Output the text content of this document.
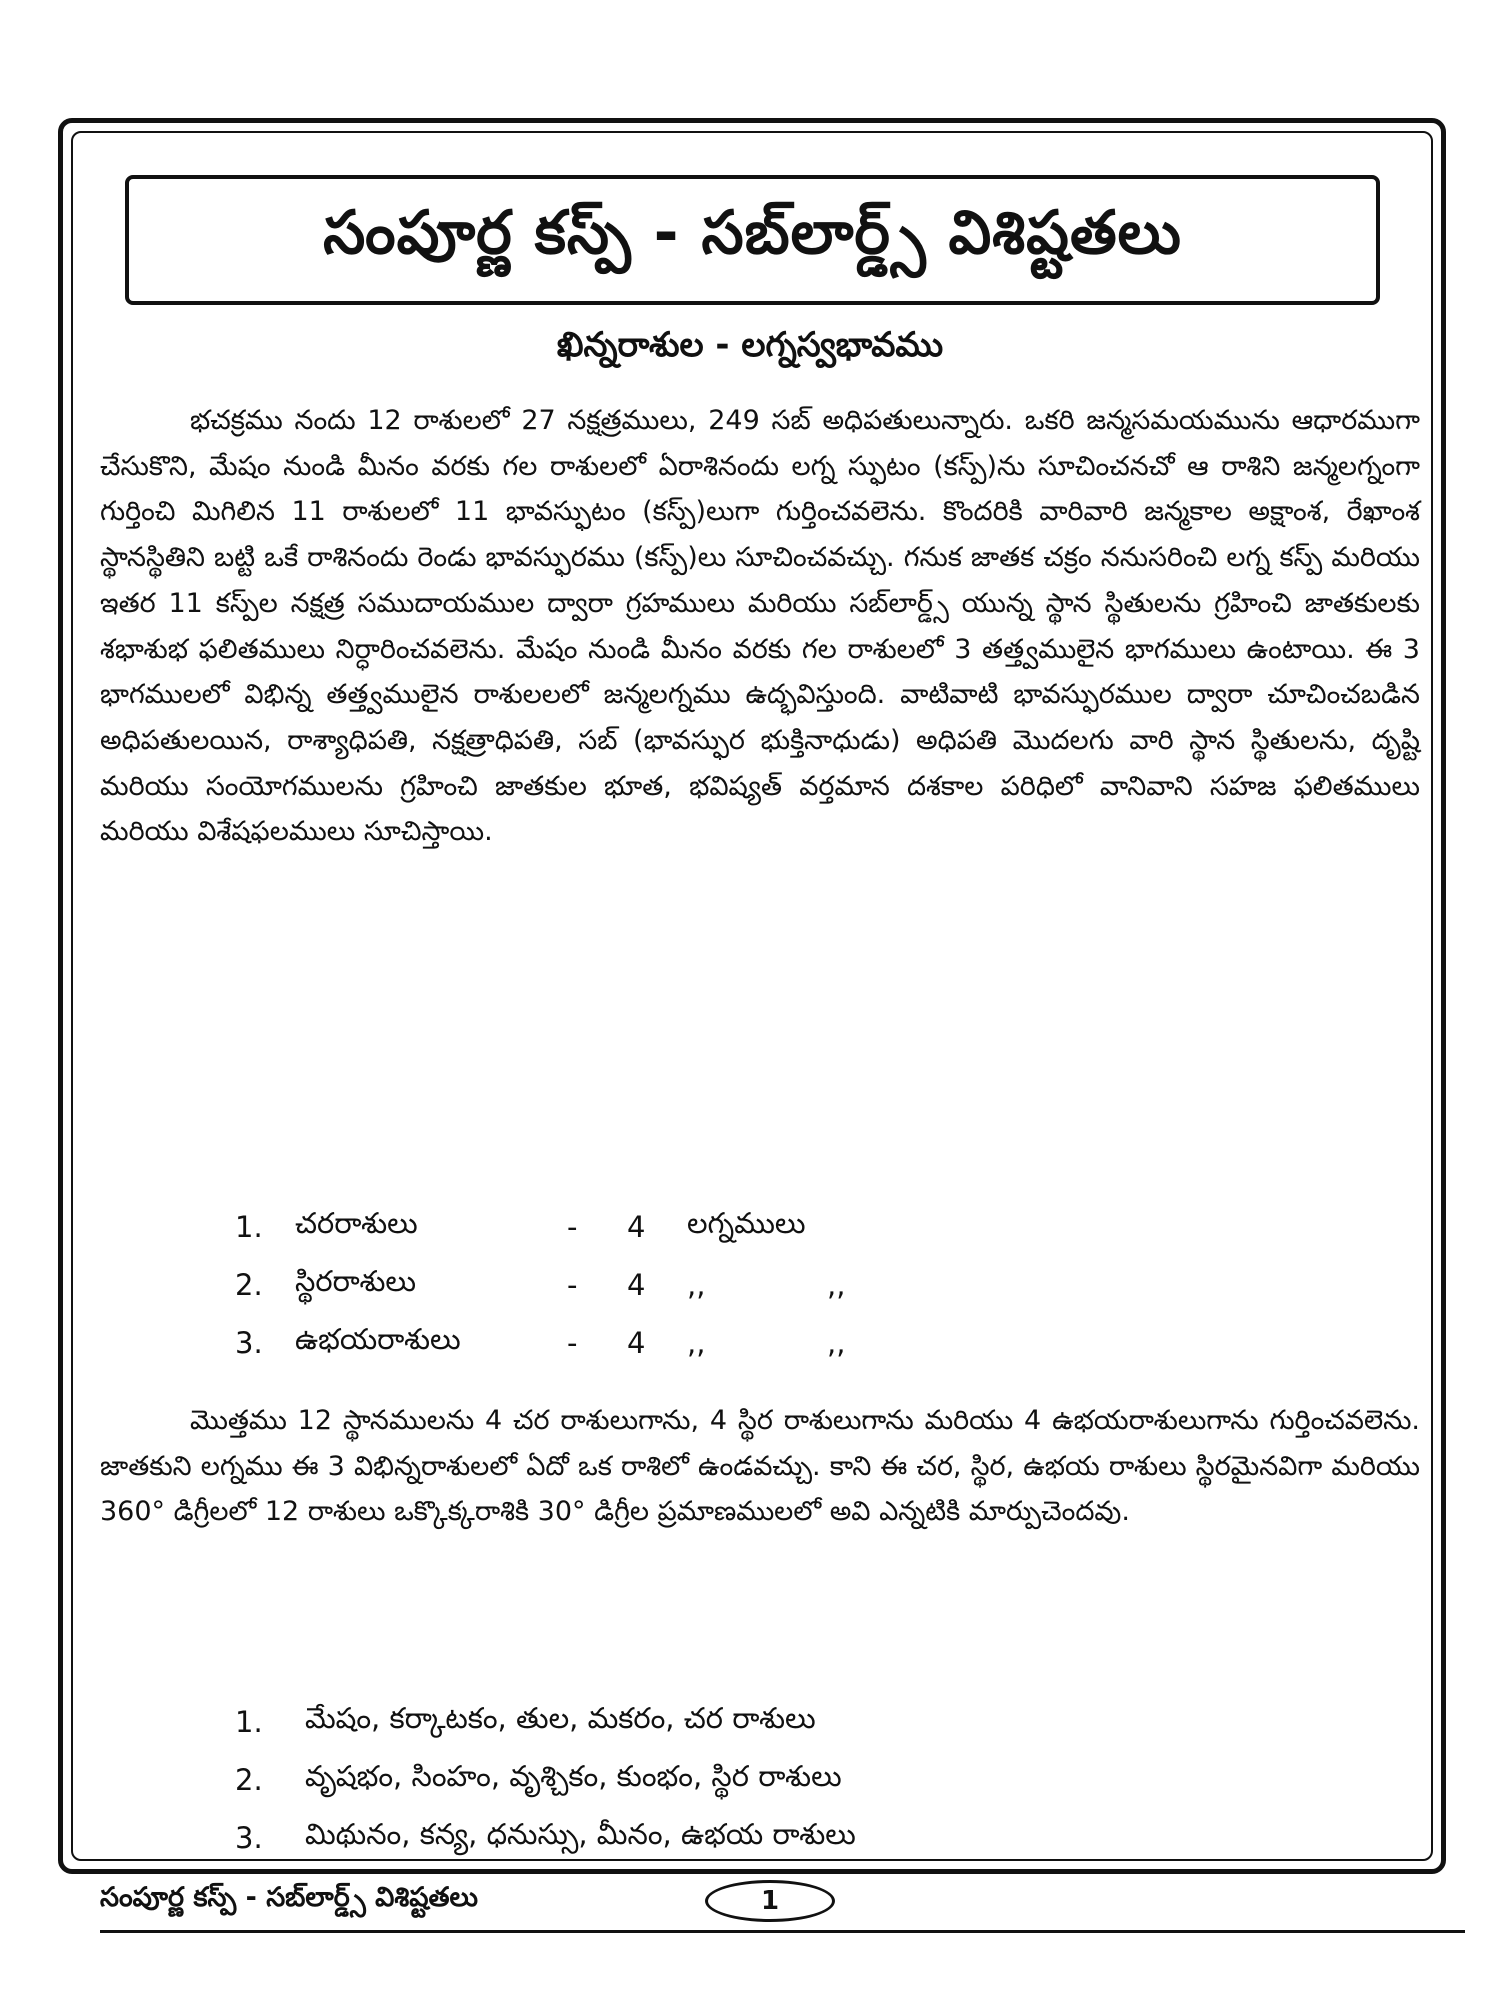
సంపూర్ణ కస్ప్ - సబ్‌లార్డ్స్ విశిష్టతలు
ఖిన్నరాశుల - లగ్నస్వభావము

భచక్రము నందు 12 రాశులలో 27 నక్షత్రములు, 249 సబ్ అధిపతులున్నారు. ఒకరి జన్మసమయమును ఆధారముగా చేసుకొని, మేషం నుండి మీనం వరకు గల రాశులలో ఏరాశినందు లగ్న స్ఫుటం (కస్ప్)ను సూచించనచో ఆ రాశిని జన్మలగ్నంగా గుర్తించి మిగిలిన 11 రాశులలో 11 భావస్ఫుటం (కస్ప్)లుగా గుర్తించవలెను. కొందరికి వారివారి జన్మకాల అక్షాంశ, రేఖాంశ స్థానస్థితిని బట్టి ఒకే రాశినందు రెండు భావస్ఫురము (కస్ప్)లు సూచించవచ్చు. గనుక జాతక చక్రం ననుసరించి లగ్న కస్ప్ మరియు ఇతర 11 కస్ప్‌ల నక్షత్ర సముదాయముల ద్వారా గ్రహములు మరియు సబ్‌లార్డ్స్ యున్న స్థాన స్థితులను గ్రహించి జాతకులకు శభాశుభ ఫలితములు నిర్ధారించవలెను. మేషం నుండి మీనం వరకు గల రాశులలో 3 తత్త్వములైన భాగములు ఉంటాయి. ఈ 3 భాగములలో విభిన్న తత్త్వములైన రాశులలలో జన్మలగ్నము ఉద్భవిస్తుంది. వాటివాటి భావస్ఫురముల ద్వారా చూచించబడిన అధిపతులయిన, రాశ్యాధిపతి, నక్షత్రాధిపతి, సబ్ (భావస్ఫుర భుక్తినాధుడు) అధిపతి మొదలగు వారి స్థాన స్థితులను, దృష్టి మరియు సంయోగములను గ్రహించి జాతకుల భూత, భవిష్యత్ వర్తమాన దశకాల పరిధిలో వానివాని సహజ ఫలితములు మరియు విశేషఫలములు సూచిస్తాయి.

1.	చరరాశులు	-	4	లగ్నములు
2.	స్థిరరాశులు	-	4	,,	,,
3.	ఉభయరాశులు	-	4	,,	,,

మొత్తము 12 స్థానములను 4 చర రాశులుగాను, 4 స్థిర రాశులుగాను మరియు 4 ఉభయరాశులుగాను గుర్తించవలెను. జాతకుని లగ్నము ఈ 3 విభిన్నరాశులలో ఏదో ఒక రాశిలో ఉండవచ్చు. కాని ఈ చర, స్థిర, ఉభయ రాశులు స్థిరమైనవిగా మరియు 360° డిగ్రీలలో 12 రాశులు ఒక్కొక్కరాశికి 30° డిగ్రీల ప్రమాణములలో అవి ఎన్నటికి మార్పుచెందవు.

1.	మేషం, కర్కాటకం, తుల, మకరం, చర రాశులు
2.	వృషభం, సింహం, వృశ్చికం, కుంభం, స్థిర రాశులు
3.	మిథునం, కన్య, ధనుస్సు, మీనం, ఉభయ రాశులు
సంపూర్ణ కస్ప్ - సబ్‌లార్డ్స్ విశిష్టతలు	1
